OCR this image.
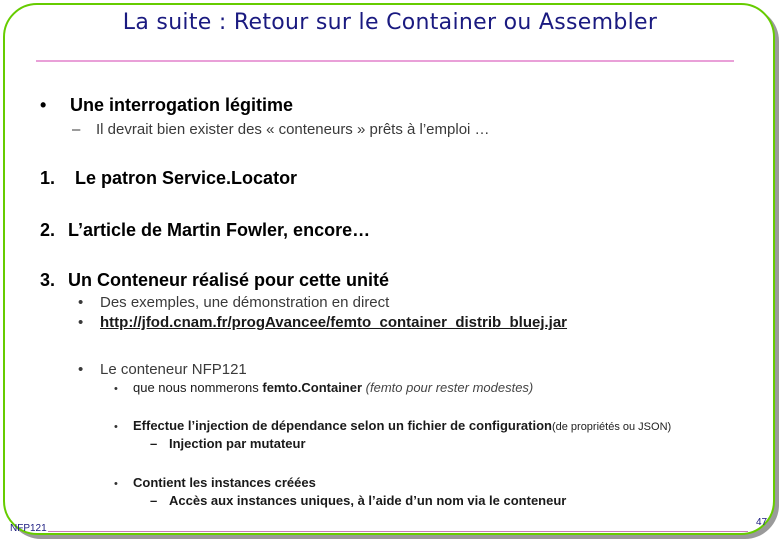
La suite : Retour sur le Container ou Assembler
• Une interrogation légitime
– Il devrait bien exister des « conteneurs » prêts à l’emploi …
1. Le patron Service.Locator
2. L’article de Martin Fowler, encore…
3. Un Conteneur réalisé pour cette unité
• Des exemples, une démonstration en direct
• http://jfod.cnam.fr/progAvancee/femto_container_distrib_bluej.jar
• Le conteneur NFP121
• que nous nommerons femto.Container (femto pour rester modestes)
• Effectue l’injection de dépendance selon un fichier de configuration(de propriétés ou JSON)
– Injection par mutateur
• Contient les instances créées
– Accès aux instances uniques, à l’aide d’un nom via le conteneur
NFP121
47
